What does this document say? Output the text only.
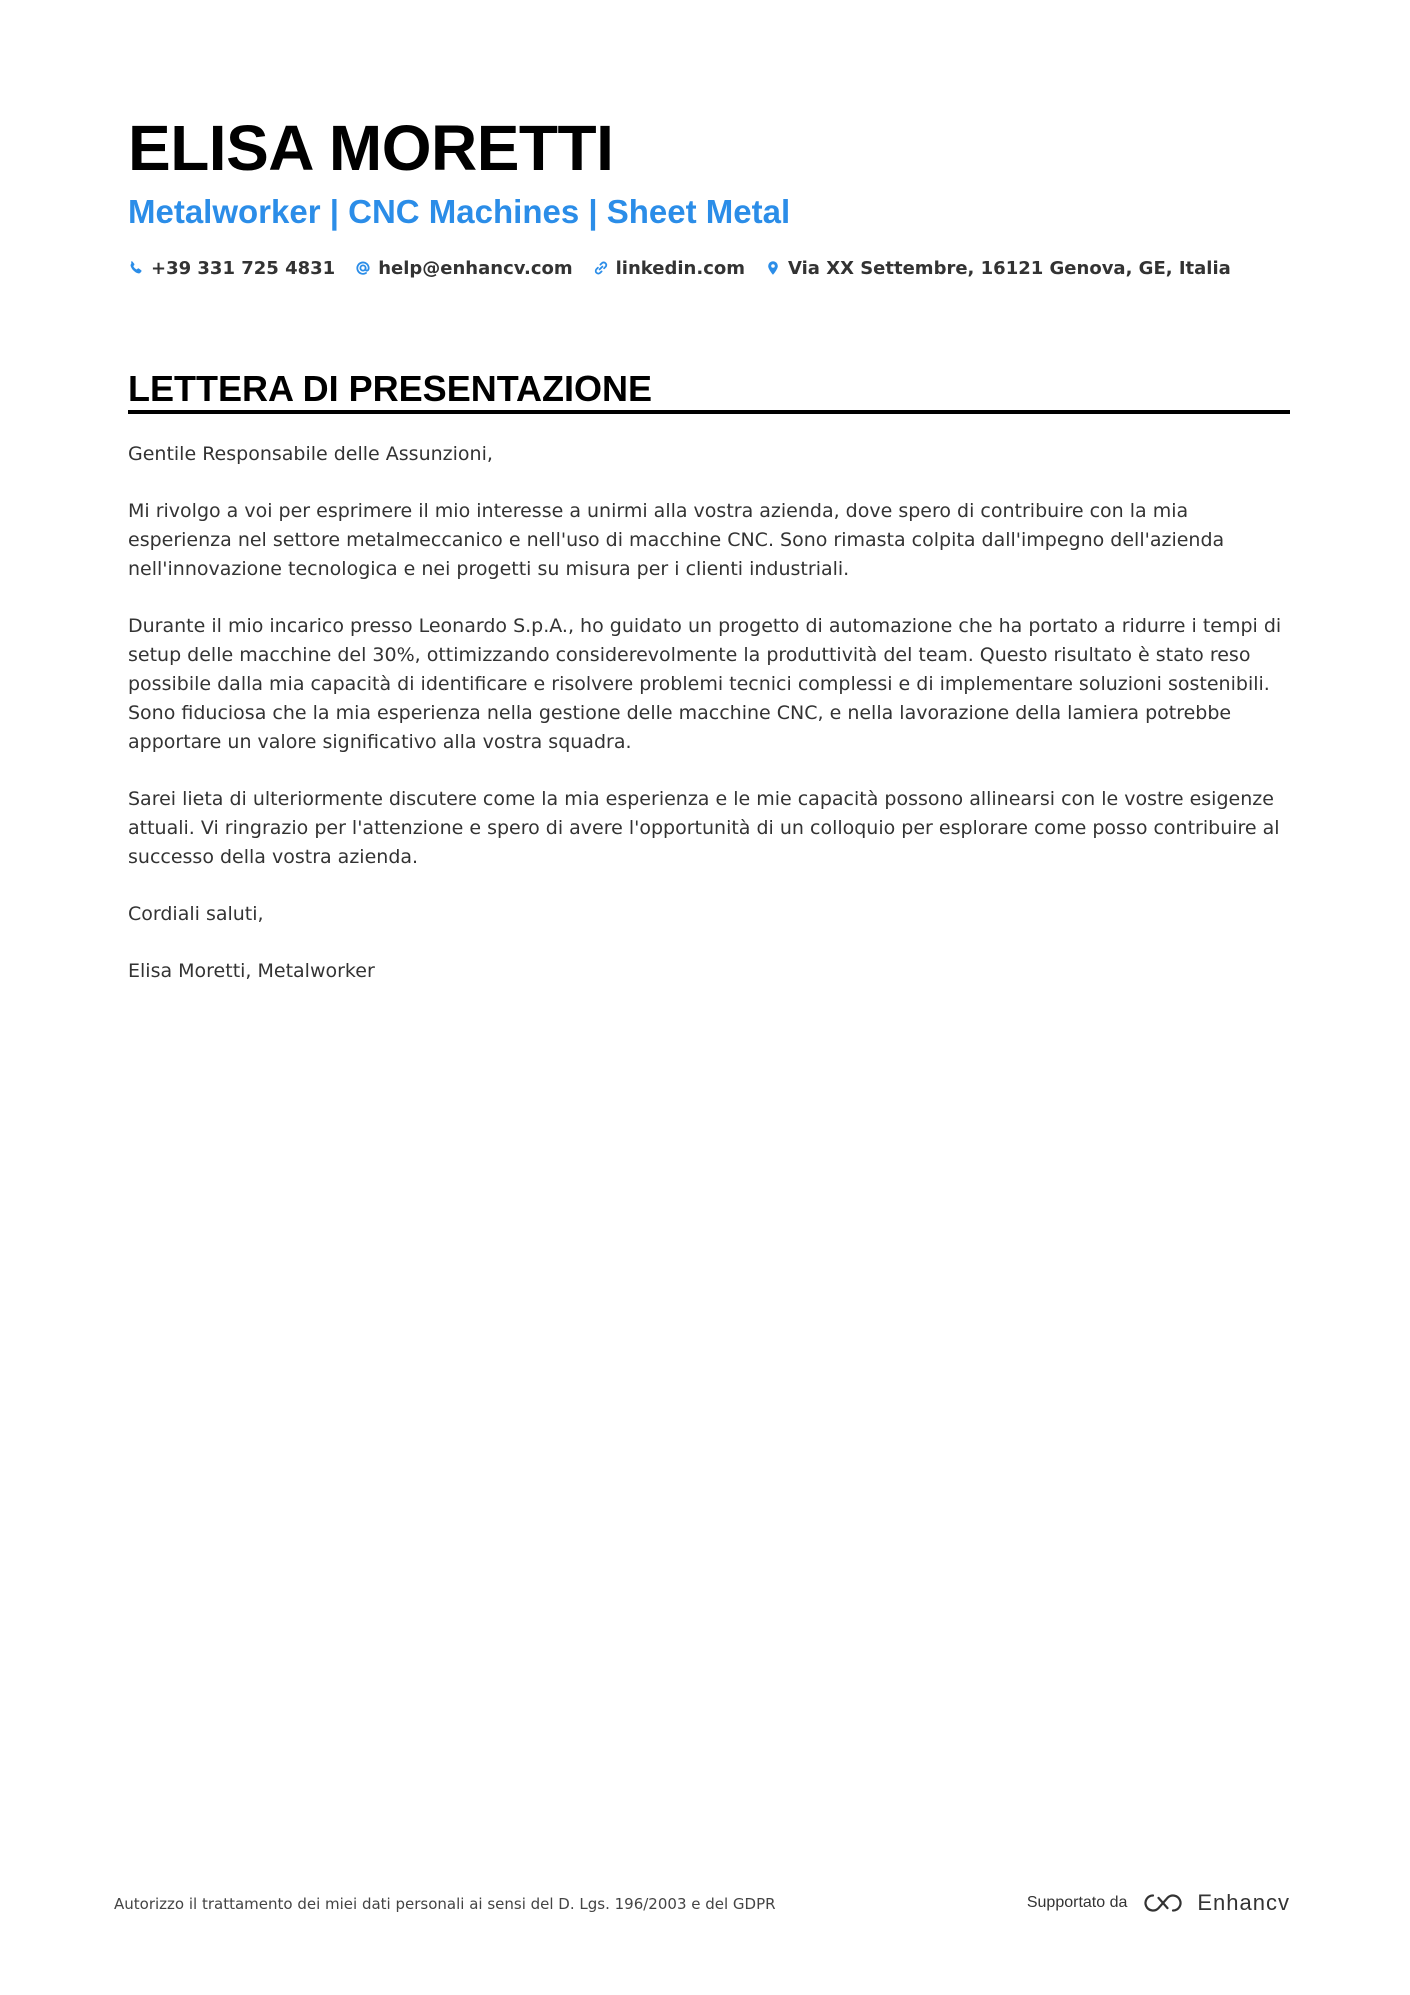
ELISA MORETTI
Metalworker | CNC Machines | Sheet Metal
+39 331 725 4831 help@enhancv.com linkedin.com Via XX Settembre, 16121 Genova, GE, Italia
LETTERA DI PRESENTAZIONE

Gentile Responsabile delle Assunzioni,

Mi rivolgo a voi per esprimere il mio interesse a unirmi alla vostra azienda, dove spero di contribuire con la mia esperienza nel settore metalmeccanico e nell'uso di macchine CNC. Sono rimasta colpita dall'impegno dell'azienda nell'innovazione tecnologica e nei progetti su misura per i clienti industriali.

Durante il mio incarico presso Leonardo S.p.A., ho guidato un progetto di automazione che ha portato a ridurre i tempi di setup delle macchine del 30%, ottimizzando considerevolmente la produttività del team. Questo risultato è stato reso possibile dalla mia capacità di identificare e risolvere problemi tecnici complessi e di implementare soluzioni sostenibili. Sono fiduciosa che la mia esperienza nella gestione delle macchine CNC, e nella lavorazione della lamiera potrebbe apportare un valore significativo alla vostra squadra.

Sarei lieta di ulteriormente discutere come la mia esperienza e le mie capacità possono allinearsi con le vostre esigenze attuali. Vi ringrazio per l'attenzione e spero di avere l'opportunità di un colloquio per esplorare come posso contribuire al successo della vostra azienda.

Cordiali saluti,

Elisa Moretti, Metalworker

Autorizzo il trattamento dei miei dati personali ai sensi del D. Lgs. 196/2003 e del GDPR	Supportato da	Enhancv
